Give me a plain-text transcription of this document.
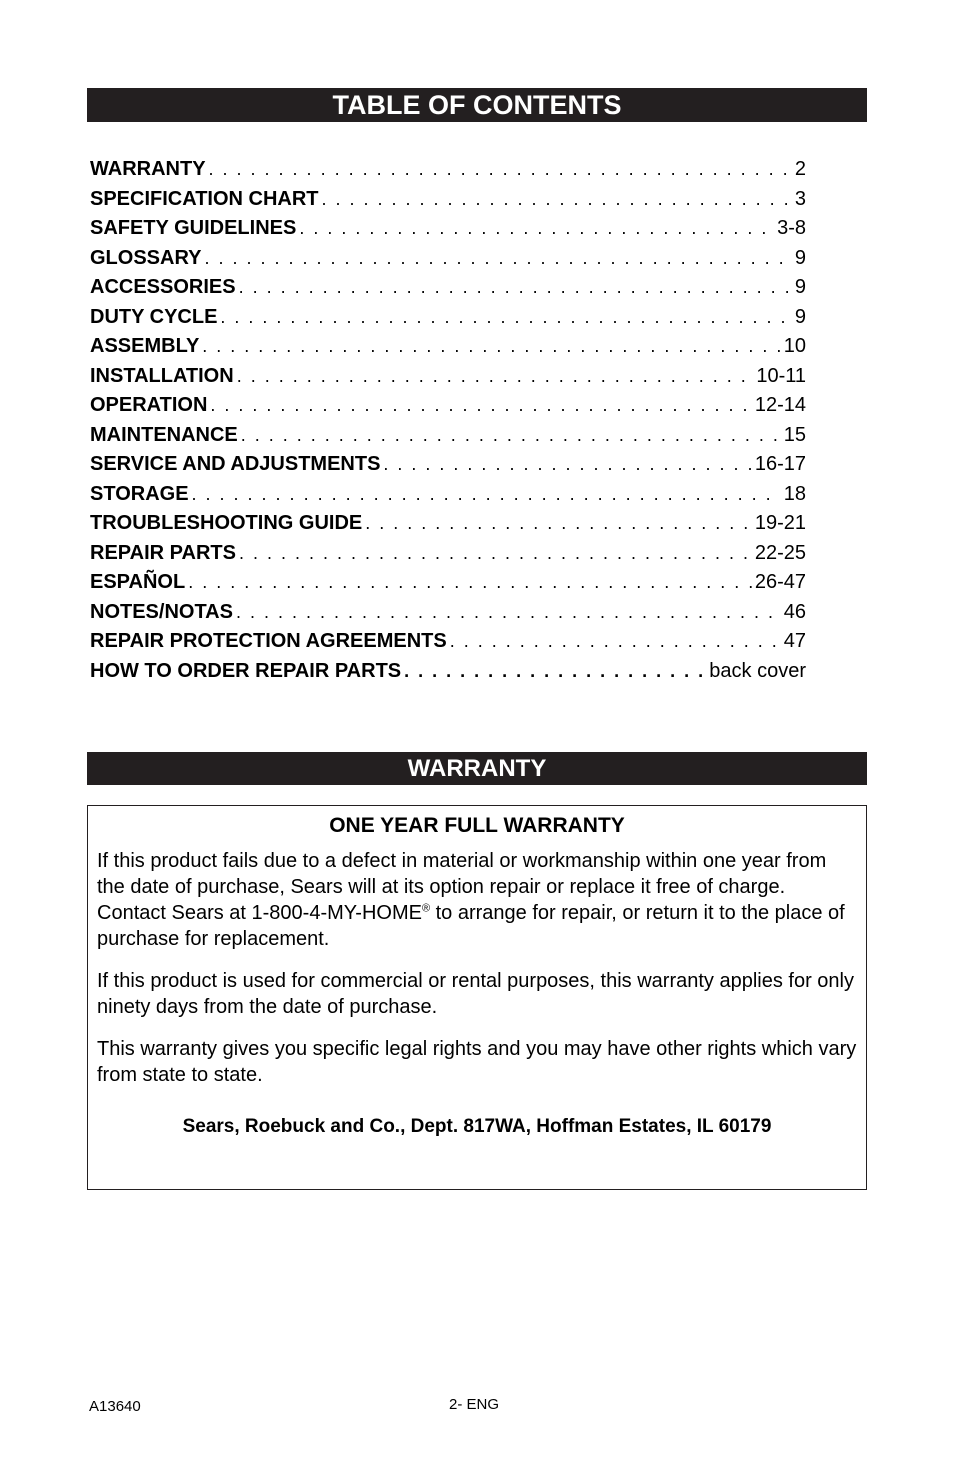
TABLE OF CONTENTS
WARRANTY . . .	2
SPECIFICATION CHART . . .	3
SAFETY GUIDELINES . . .	3-8
GLOSSARY . . .	9
ACCESSORIES . . .	9
DUTY CYCLE . . .	9
ASSEMBLY . . .	10
INSTALLATION . . .	10-11
OPERATION . . .	12-14
MAINTENANCE . . .	15
SERVICE AND ADJUSTMENTS . . .	16-17
STORAGE . . .	18
TROUBLESHOOTING GUIDE . . .	19-21
REPAIR PARTS . . .	22-25
ESPAÑOL . . .	26-47
NOTES/NOTAS . . .	46
REPAIR PROTECTION AGREEMENTS . . .	47
HOW TO ORDER REPAIR PARTS . . .	back cover
WARRANTY
ONE YEAR FULL WARRANTY

If this product fails due to a defect in material or workmanship within one year from the date of purchase, Sears will at its option repair or replace it free of charge. Contact Sears at 1-800-4-MY-HOME® to arrange for repair, or return it to the place of purchase for replacement.

If this product is used for commercial or rental purposes, this warranty applies for only ninety days from the date of purchase.

This warranty gives you specific legal rights and you may have other rights which vary from state to state.

Sears, Roebuck and Co., Dept. 817WA, Hoffman Estates, IL 60179
A13640	2- ENG
